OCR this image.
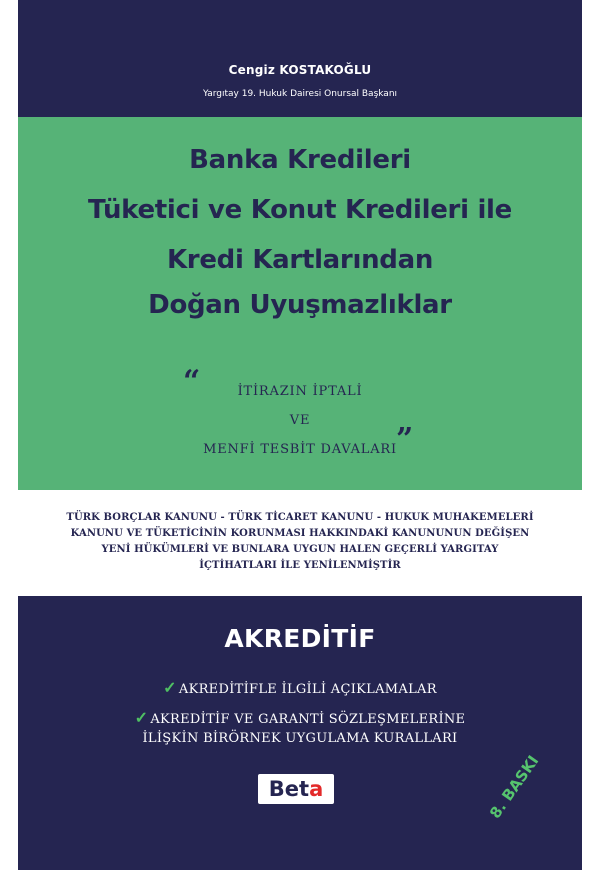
Cengiz KOSTAKOĞLU
Yargıtay 19. Hukuk Dairesi Onursal Başkanı
Banka Kredileri
Tüketici ve Konut Kredileri ile
Kredi Kartlarından
Doğan Uyuşmazlıklar
“	İTİRAZIN İPTALİ
VE
MENFİ TESBİT DAVALARI ”
TÜRK BORÇLAR KANUNU - TÜRK TİCARET KANUNU - HUKUK MUHAKEMELERİ
KANUNU VE TÜKETİCİNİN KORUNMASI HAKKINDAKİ KANUNUNUN DEĞİŞEN
YENİ HÜKÜMLERİ VE BUNLARA UYGUN HALEN GEÇERLİ YARGITAY
İÇTİHATLARI İLE YENİLENMİŞTİR
AKREDİTİF
✓ AKREDİTİFLE İLGİLİ AÇIKLAMALAR
✓ AKREDİTİF VE GARANTİ SÖZLEŞMELERİNE
İLİŞKİN BİRÖRNEK UYGULAMA KURALLARI
Beta	8. BASKI
